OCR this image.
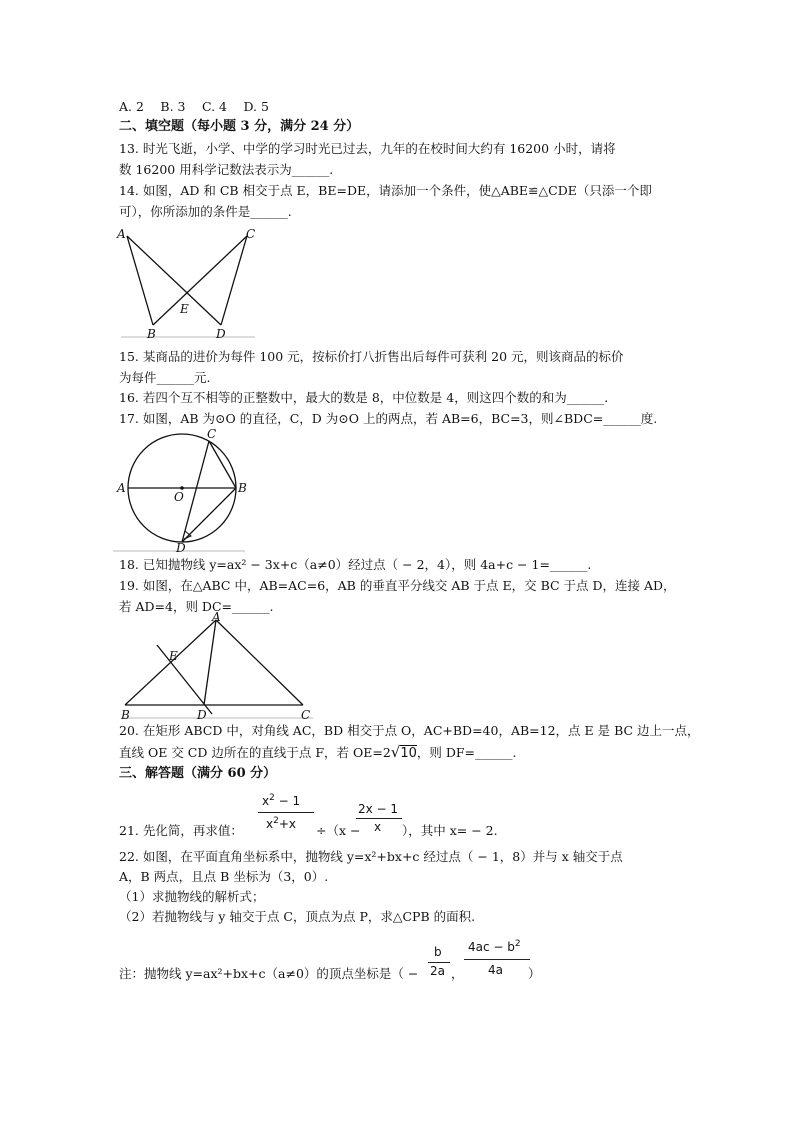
A. 2　 B. 3　 C. 4　 D. 5
二、填空题（每小题 3 分，满分 24 分）
13. 时光飞逝，小学、中学的学习时光已过去，九年的在校时间大约有 16200 小时，请将
数 16200 用科学记数法表示为______.
14. 如图，AD 和 CB 相交于点 E，BE=DE，请添加一个条件，使△ABE≌△CDE（只添一个即
可），你所添加的条件是______.
A	C
E
B	D
15. 某商品的进价为每件 100 元，按标价打八折售出后每件可获利 20 元，则该商品的标价
为每件______元.
16. 若四个互不相等的正整数中，最大的数是 8，中位数是 4，则这四个数的和为______.
17. 如图，AB 为⊙O 的直径，C，D 为⊙O 上的两点，若 AB=6，BC=3，则∠BDC=______度.
A
O
B
C
D
18. 已知抛物线 y=ax² − 3x+c（a≠0）经过点（ − 2，4），则 4a+c − 1=______.
19. 如图，在△ABC 中，AB=AC=6，AB 的垂直平分线交 AB 于点 E，交 BC 于点 D，连接 AD，
若 AD=4，则 DC=______.
A
E
B	D	C
20. 在矩形 ABCD 中，对角线 AC，BD 相交于点 O，AC+BD=40，AB=12，点 E 是 BC 边上一点，
直线 OE 交 CD 边所在的直线于点 F，若 OE=2√10，则 DF=______.
三、解答题（满分 60 分）
$x^2 - 1$
$x^2+x$
2x − 1
x
21. 先化简，再求值：	÷（x −	），其中 x= − 2.
22. 如图，在平面直角坐标系中，抛物线 y=x²+bx+c 经过点（ − 1，8）并与 x 轴交于点
A，B 两点，且点 B 坐标为（3，0）.
（1）求抛物线的解析式；
（2）若抛物线与 y 轴交于点 C，顶点为点 P，求△CPB 的面积.
注：抛物线 y=ax²+bx+c（a≠0）的顶点坐标是（ −
b
2a ，
$4ac - b^2$
4a ）
